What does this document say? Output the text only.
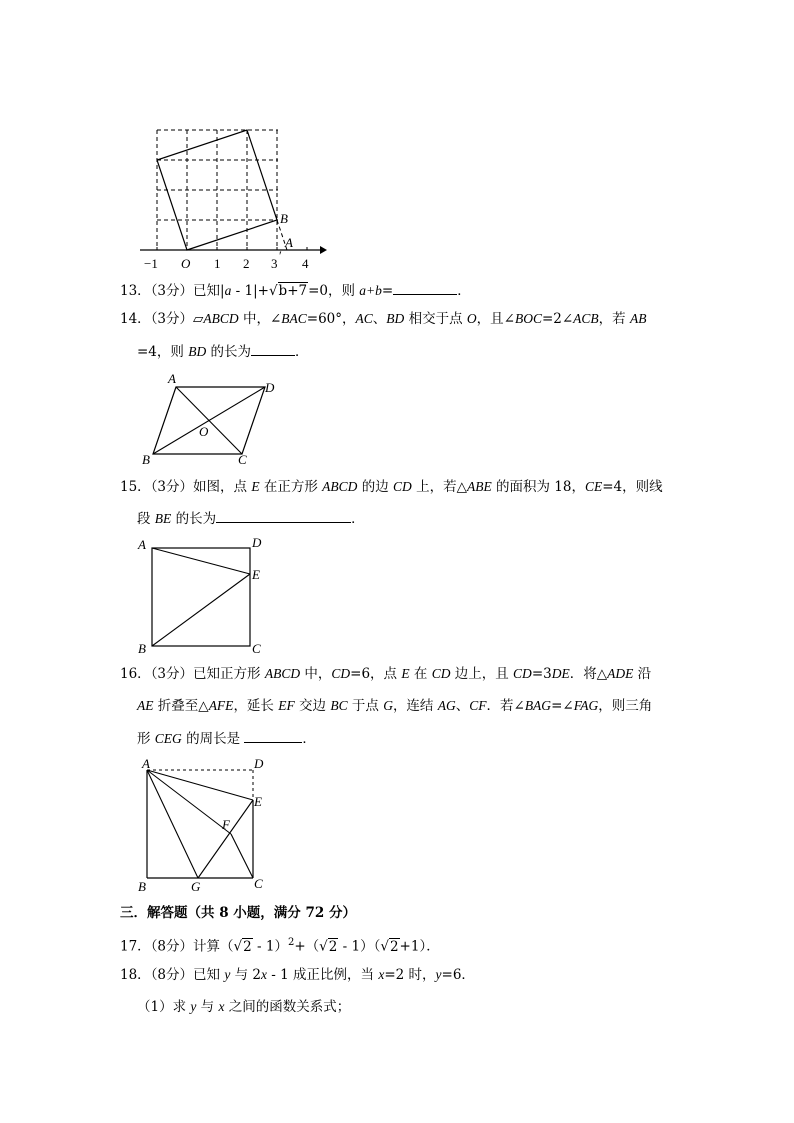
−1 O 1 2 3
′
4
B
A
13．（3分）已知|a - 1|+√b+7=0，则 a+b=	．
14．（3分）▱ABCD 中，∠BAC=60°，AC、BD 相交于点 O，且∠BOC=2∠ACB，若 AB
=4，则 BD 的长为	．
A
D
O
B	C
15．（3分）如图，点 E 在正方形 ABCD 的边 CD 上，若△ABE 的面积为 18，CE=4，则线
段 BE 的长为	．
A	D
E
B	C
16．（3分）已知正方形 ABCD 中，CD=6，点 E 在 CD 边上，且 CD=3DE．将△ADE 沿
AE 折叠至△AFE，延长 EF 交边 BC 于点 G，连结 AG、CF．若∠BAG=∠FAG，则三角
形 CEG 的周长是	．
A	D
E
F
B	G	C
三．解答题（共 8 小题，满分 72 分）
17．（8分）计算（√2 - 1）$^2$+（√2 - 1）（√2+1）．
18．（8分）已知 y 与 2x - 1 成正比例，当 x=2 时，y=6．
（1）求 y 与 x 之间的函数关系式；
